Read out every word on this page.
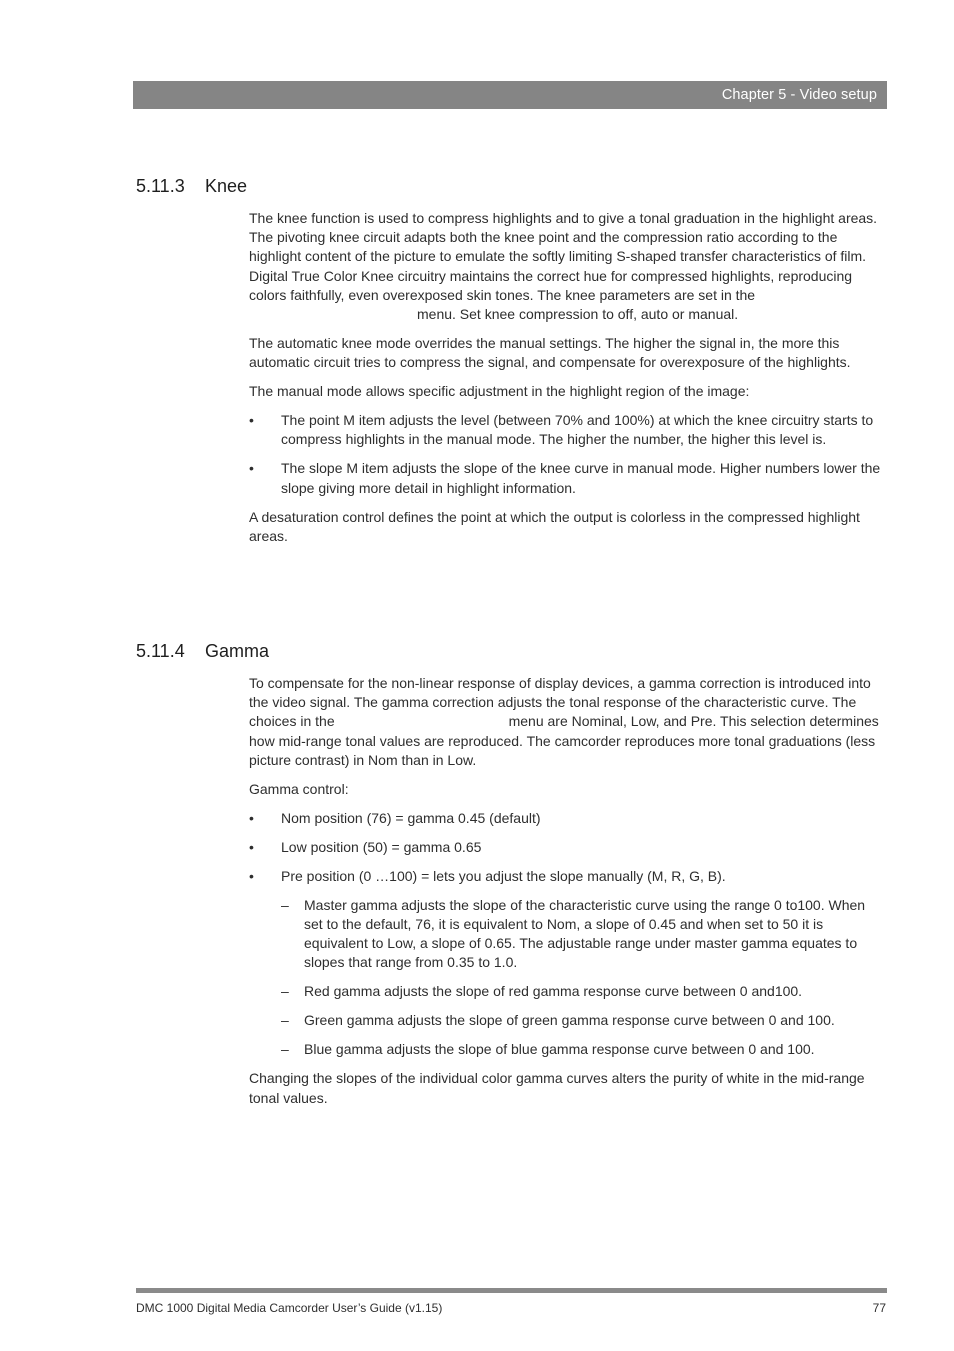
Chapter 5 - Video setup
5.11.3 Knee

The knee function is used to compress highlights and to give a tonal graduation in the highlight areas. The pivoting knee circuit adapts both the knee point and the compression ratio according to the highlight content of the picture to emulate the softly limiting S-shaped transfer characteristics of film. Digital True Color Knee circuitry maintains the correct hue for compressed highlights, reproducing colors faithfully, even overexposed skin tones. The knee parameters are set in themenu. Set knee compression to off, auto or manual.

The automatic knee mode overrides the manual settings. The higher the signal in, the more this automatic circuit tries to compress the signal, and compensate for overexposure of the highlights.

The manual mode allows specific adjustment in the highlight region of the image:

• The point M item adjusts the level (between 70% and 100%) at which the knee circuitry starts to compress highlights in the manual mode. The higher the number, the higher this level is.
• The slope M item adjusts the slope of the knee curve in manual mode. Higher numbers lower the slope giving more detail in highlight information.

A desaturation control defines the point at which the output is colorless in the compressed highlight areas.

5.11.4 Gamma

To compensate for the non-linear response of display devices, a gamma correction is introduced into the video signal. The gamma correction adjusts the tonal response of the characteristic curve. The choices in the	menu are Nominal, Low, and Pre. This selection determines how mid-range tonal values are reproduced. The camcorder reproduces more tonal graduations (less picture contrast) in Nom than in Low.

Gamma control:

• Nom position (76) = gamma 0.45 (default)
• Low position (50) = gamma 0.65
• Pre position (0 …100) = lets you adjust the slope manually (M, R, G, B).
– Master gamma adjusts the slope of the characteristic curve using the range 0 to100. When set to the default, 76, it is equivalent to Nom, a slope of 0.45 and when set to 50 it is equivalent to Low, a slope of 0.65. The adjustable range under master gamma equates to slopes that range from 0.35 to 1.0.
– Red gamma adjusts the slope of red gamma response curve between 0 and100.
– Green gamma adjusts the slope of green gamma response curve between 0 and 100.
– Blue gamma adjusts the slope of blue gamma response curve between 0 and 100.

Changing the slopes of the individual color gamma curves alters the purity of white in the mid-range tonal values.

DMC 1000 Digital Media Camcorder User’s Guide (v1.15)	77
